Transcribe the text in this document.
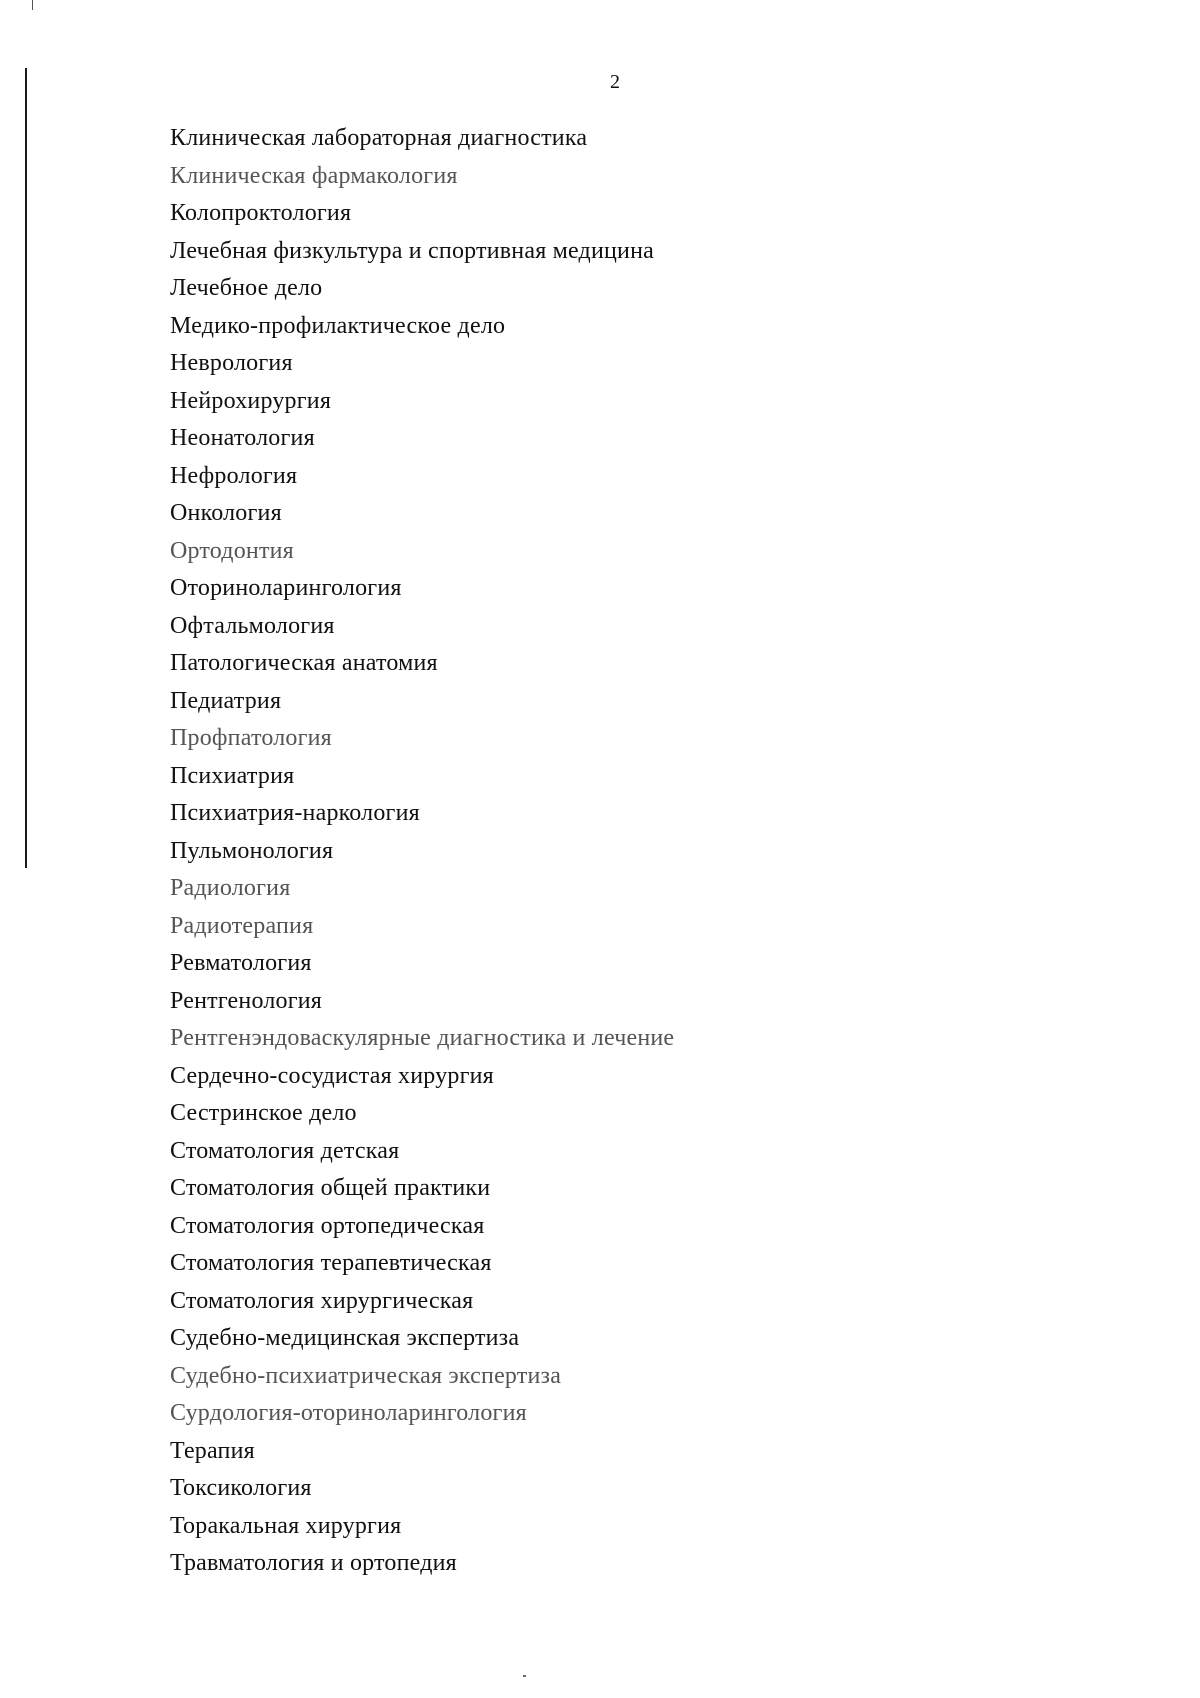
2
Клиническая лабораторная диагностика
Клиническая фармакология
Колопроктология
Лечебная физкультура и спортивная медицина
Лечебное дело
Медико-профилактическое дело
Неврология
Нейрохирургия
Неонатология
Нефрология
Онкология
Ортодонтия
Оториноларингология
Офтальмология
Патологическая анатомия
Педиатрия
Профпатология
Психиатрия
Психиатрия-наркология
Пульмонология
Радиология
Радиотерапия
Ревматология
Рентгенология
Рентгенэндоваскулярные диагностика и лечение
Сердечно-сосудистая хирургия
Сестринское дело
Стоматология детская
Стоматология общей практики
Стоматология ортопедическая
Стоматология терапевтическая
Стоматология хирургическая
Судебно-медицинская экспертиза
Судебно-психиатрическая экспертиза
Сурдология-оториноларингология
Терапия
Токсикология
Торакальная хирургия
Травматология и ортопедия
